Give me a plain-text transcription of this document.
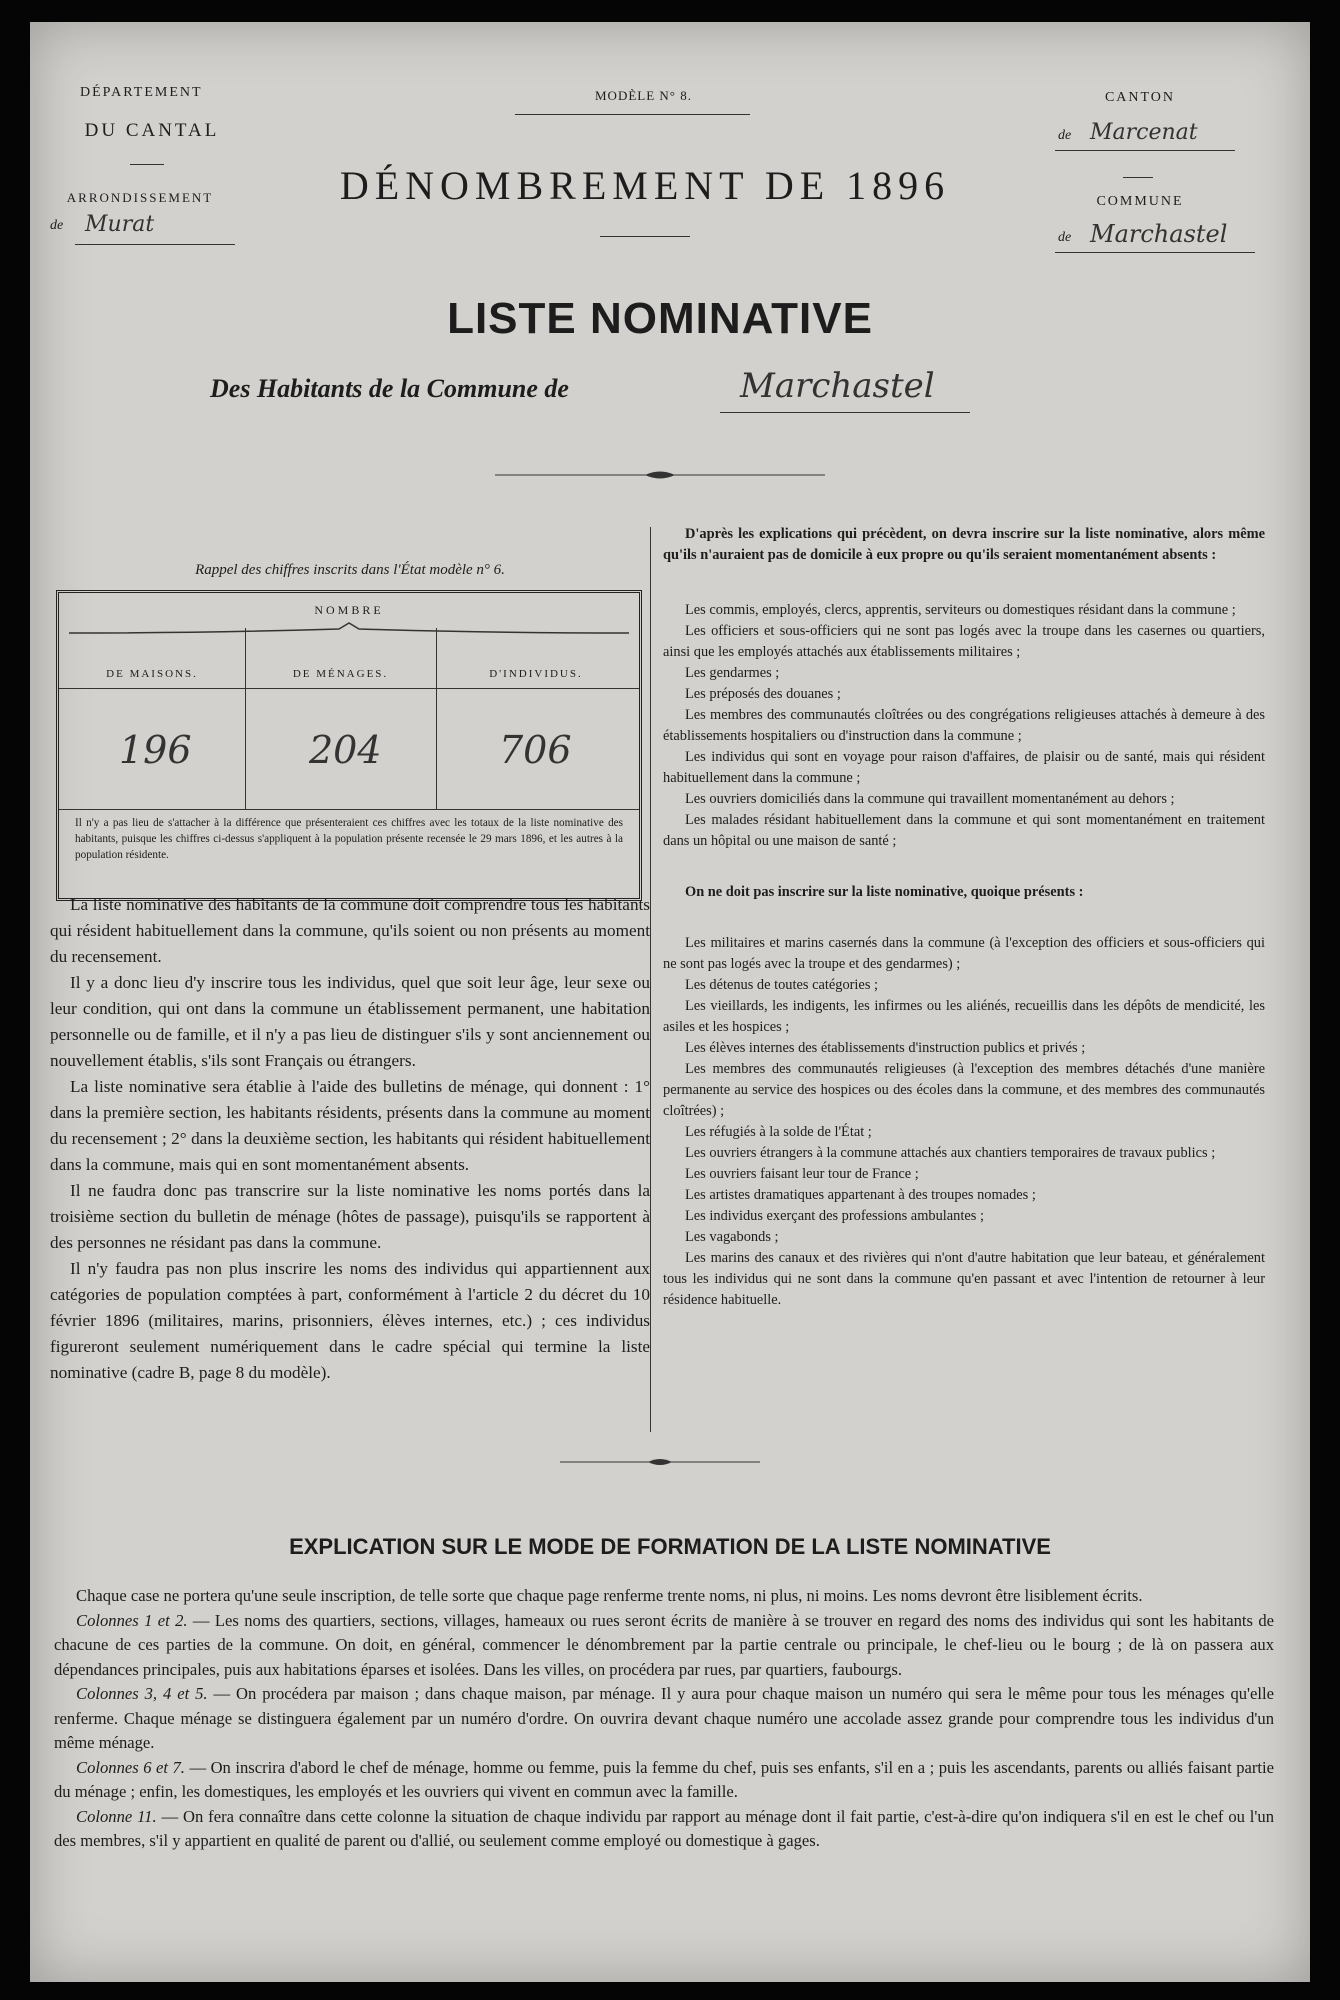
DÉPARTEMENT
DU CANTAL
ARRONDISSEMENT
de Murat
MODÈLE N° 8.
DÉNOMBREMENT DE 1896
CANTON
de Marcenat
COMMUNE
de Marchastel
LISTE NOMINATIVE
Des Habitants de la Commune de	Marchastel
Rappel des chiffres inscrits dans l'État modèle n° 6.
NOMBRE
DE MAISONS.	DE MÉNAGES.	D'INDIVIDUS.
196	204	706
Il n'y a pas lieu de s'attacher à la différence que présenteraient ces chiffres avec les totaux de la liste nominative des habitants, puisque les chiffres ci-dessus s'appliquent à la population présente recensée le 29 mars 1896, et les autres à la population résidente.

La liste nominative des habitants de la commune doit comprendre tous les habitants qui résident habituellement dans la commune, qu'ils soient ou non présents au moment du recensement.

Il y a donc lieu d'y inscrire tous les individus, quel que soit leur âge, leur sexe ou leur condition, qui ont dans la commune un établissement permanent, une habitation personnelle ou de famille, et il n'y a pas lieu de distinguer s'ils y sont anciennement ou nouvellement établis, s'ils sont Français ou étrangers.

La liste nominative sera établie à l'aide des bulletins de ménage, qui donnent : 1° dans la première section, les habitants résidents, présents dans la commune au moment du recensement ; 2° dans la deuxième section, les habitants qui résident habituellement dans la commune, mais qui en sont momentanément absents.

Il ne faudra donc pas transcrire sur la liste nominative les noms portés dans la troisième section du bulletin de ménage (hôtes de passage), puisqu'ils se rapportent à des personnes ne résidant pas dans la commune.

Il n'y faudra pas non plus inscrire les noms des individus qui appartiennent aux catégories de population comptées à part, conformément à l'article 2 du décret du 10 février 1896 (militaires, marins, prisonniers, élèves internes, etc.) ; ces individus figureront seulement numériquement dans le cadre spécial qui termine la liste nominative (cadre B, page 8 du modèle).

D'après les explications qui précèdent, on devra inscrire sur la liste nominative, alors même qu'ils n'auraient pas de domicile à eux propre ou qu'ils seraient momentanément absents :

Les commis, employés, clercs, apprentis, serviteurs ou domestiques résidant dans la commune ;

Les officiers et sous-officiers qui ne sont pas logés avec la troupe dans les casernes ou quartiers, ainsi que les employés attachés aux établissements militaires ;

Les gendarmes ;

Les préposés des douanes ;

Les membres des communautés cloîtrées ou des congrégations religieuses attachés à demeure à des établissements hospitaliers ou d'instruction dans la commune ;

Les individus qui sont en voyage pour raison d'affaires, de plaisir ou de santé, mais qui résident habituellement dans la commune ;

Les ouvriers domiciliés dans la commune qui travaillent momentanément au dehors ;

Les malades résidant habituellement dans la commune et qui sont momentanément en traitement dans un hôpital ou une maison de santé ;

On ne doit pas inscrire sur la liste nominative, quoique présents :

Les militaires et marins casernés dans la commune (à l'exception des officiers et sous-officiers qui ne sont pas logés avec la troupe et des gendarmes) ;

Les détenus de toutes catégories ;

Les vieillards, les indigents, les infirmes ou les aliénés, recueillis dans les dépôts de mendicité, les asiles et les hospices ;

Les élèves internes des établissements d'instruction publics et privés ;

Les membres des communautés religieuses (à l'exception des membres détachés d'une manière permanente au service des hospices ou des écoles dans la commune, et des membres des communautés cloîtrées) ;

Les réfugiés à la solde de l'État ;

Les ouvriers étrangers à la commune attachés aux chantiers temporaires de travaux publics ;

Les ouvriers faisant leur tour de France ;

Les artistes dramatiques appartenant à des troupes nomades ;

Les individus exerçant des professions ambulantes ;

Les vagabonds ;

Les marins des canaux et des rivières qui n'ont d'autre habitation que leur bateau, et généralement tous les individus qui ne sont dans la commune qu'en passant et avec l'intention de retourner à leur résidence habituelle.

EXPLICATION SUR LE MODE DE FORMATION DE LA LISTE NOMINATIVE

Chaque case ne portera qu'une seule inscription, de telle sorte que chaque page renferme trente noms, ni plus, ni moins. Les noms devront être lisiblement écrits.

Colonnes 1 et 2. — Les noms des quartiers, sections, villages, hameaux ou rues seront écrits de manière à se trouver en regard des noms des individus qui sont les habitants de chacune de ces parties de la commune. On doit, en général, commencer le dénombrement par la partie centrale ou principale, le chef-lieu ou le bourg ; de là on passera aux dépendances principales, puis aux habitations éparses et isolées. Dans les villes, on procédera par rues, par quartiers, faubourgs.

Colonnes 3, 4 et 5. — On procédera par maison ; dans chaque maison, par ménage. Il y aura pour chaque maison un numéro qui sera le même pour tous les ménages qu'elle renferme. Chaque ménage se distinguera également par un numéro d'ordre. On ouvrira devant chaque numéro une accolade assez grande pour comprendre tous les individus d'un même ménage.

Colonnes 6 et 7. — On inscrira d'abord le chef de ménage, homme ou femme, puis la femme du chef, puis ses enfants, s'il en a ; puis les ascendants, parents ou alliés faisant partie du ménage ; enfin, les domestiques, les employés et les ouvriers qui vivent en commun avec la famille.

Colonne 11. — On fera connaître dans cette colonne la situation de chaque individu par rapport au ménage dont il fait partie, c'est-à-dire qu'on indiquera s'il en est le chef ou l'un des membres, s'il y appartient en qualité de parent ou d'allié, ou seulement comme employé ou domestique à gages.
